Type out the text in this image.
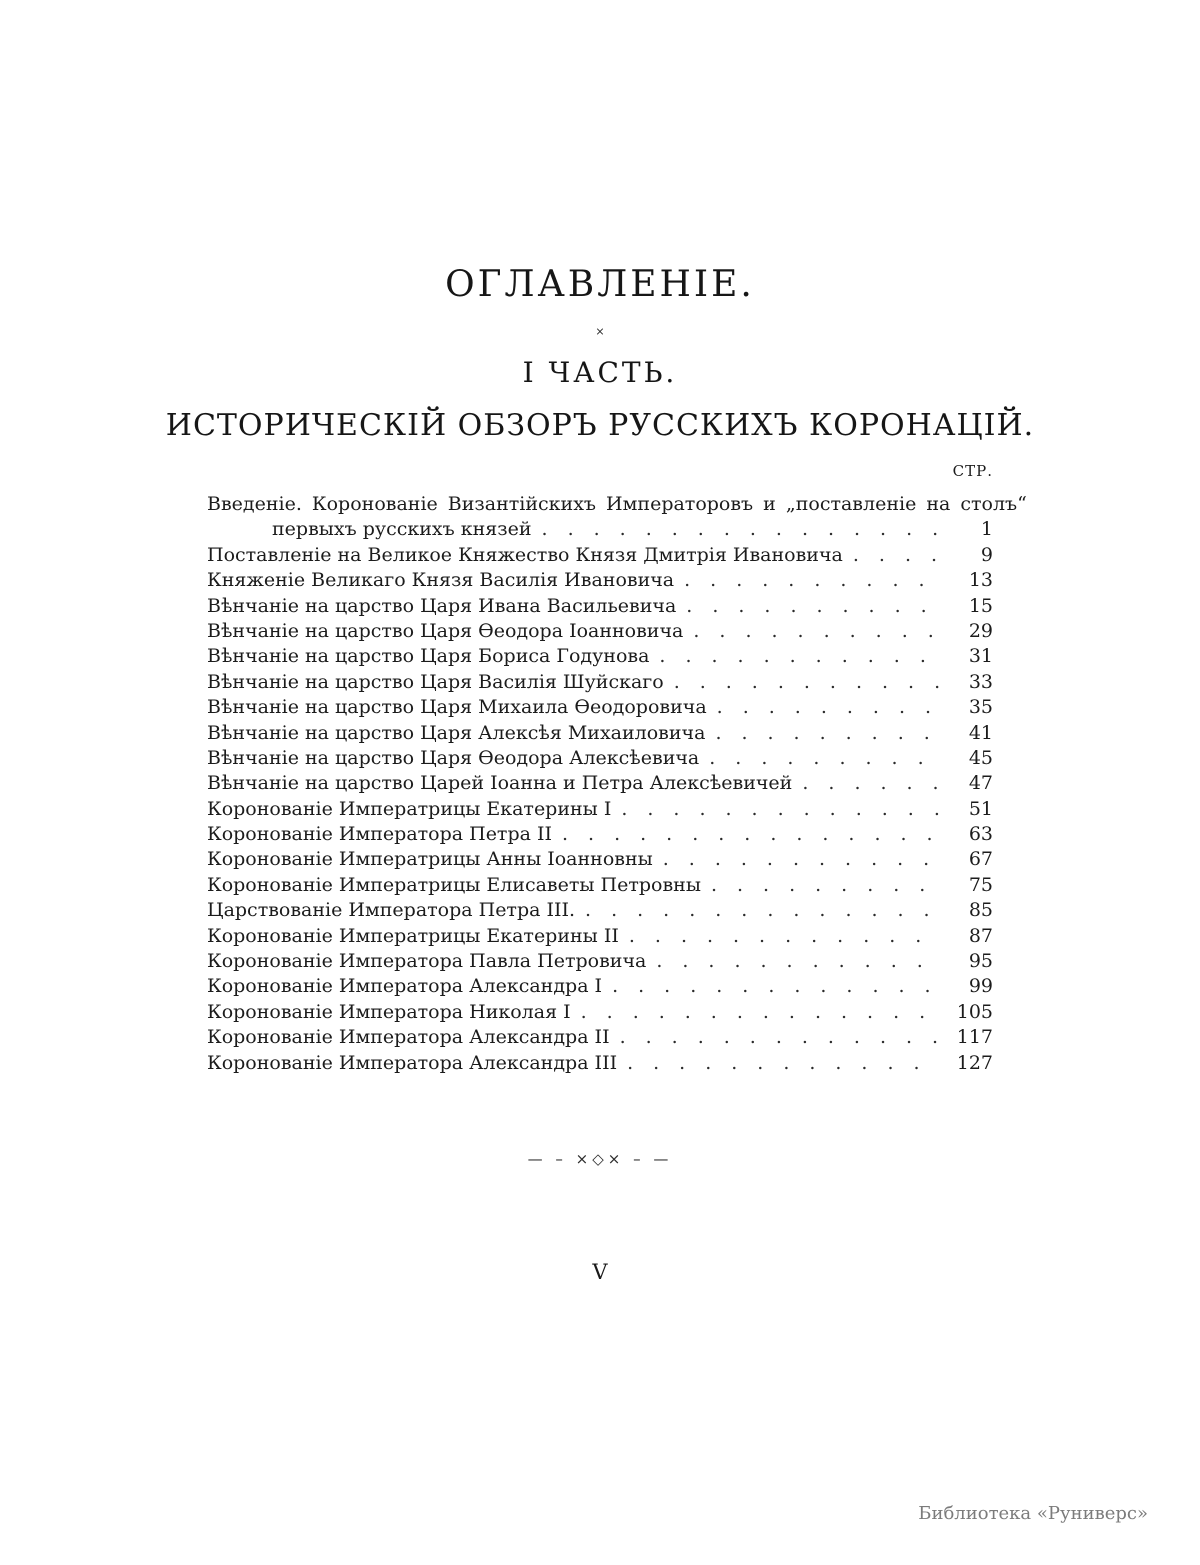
ОГЛАВЛЕНІЕ.
×
I ЧАСТЬ.
ИСТОРИЧЕСКІЙ ОБЗОРЪ РУССКИХЪ КОРОНАЦІЙ.
СТР.
Введеніе. Коронованіе Византійскихъ Императоровъ и „поставленіе на столъ“
первыхъ русскихъ князей .....	1
Поставленіе на Великое Княжество Князя Дмитрія Ивановича .....	9
Княженіе Великаго Князя Василія Ивановича .....	13
Вѣнчаніе на царство Царя Ивана Васильевича .....	15
Вѣнчаніе на царство Царя Ѳеодора Іоанновича .....	29
Вѣнчаніе на царство Царя Бориса Годунова .....	31
Вѣнчаніе на царство Царя Василія Шуйскаго .....	33
Вѣнчаніе на царство Царя Михаила Ѳеодоровича .....	35
Вѣнчаніе на царство Царя Алексѣя Михаиловича .....	41
Вѣнчаніе на царство Царя Ѳеодора Алексѣевича .....	45
Вѣнчаніе на царство Царей Іоанна и Петра Алексѣевичей .....	47
Коронованіе Императрицы Екатерины I .....	51
Коронованіе Императора Петра II .....	63
Коронованіе Императрицы Анны Іоанновны .....	67
Коронованіе Императрицы Елисаветы Петровны .....	75
Царствованіе Императора Петра III. .....	85
Коронованіе Императрицы Екатерины II .....	87
Коронованіе Императора Павла Петровича .....	95
Коронованіе Императора Александра I .....	99
Коронованіе Императора Николая I .....	105
Коронованіе Императора Александра II .....	117
Коронованіе Императора Александра III .....	127
— – ×◇× – —
V
Библиотека «Руниверс»
